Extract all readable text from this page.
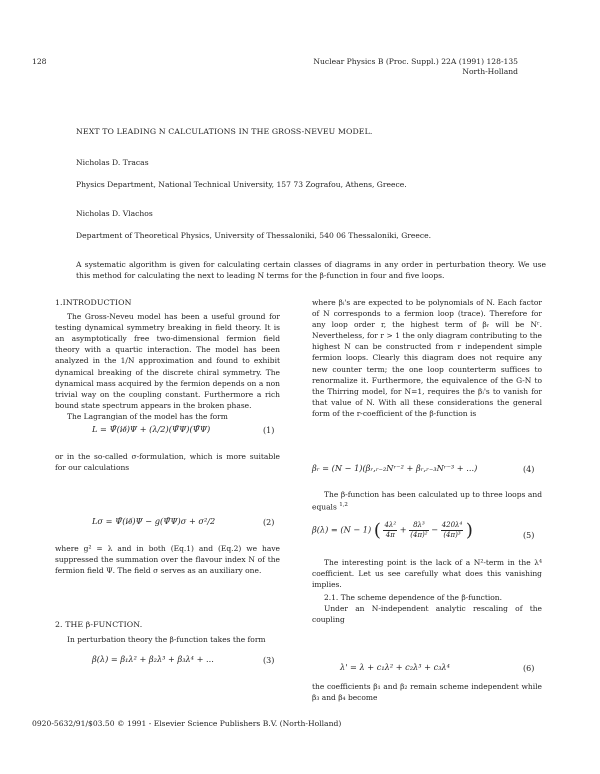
128	Nuclear Physics B (Proc. Suppl.) 22A (1991) 128-135
North-Holland
NEXT TO LEADING N CALCULATIONS IN THE GROSS-NEVEU MODEL.
Nicholas D. Tracas
Physics Department, National Technical University, 157 73 Zografou, Athens, Greece.
Nicholas D. Vlachos
Department of Theoretical Physics, University of Thessaloniki, 540 06 Thessaloniki, Greece.
A systematic algorithm is given for calculating certain classes of diagrams in any order in perturbation theory. We use this method for calculating the next to leading N terms for the β-function in four and five loops.
1.INTRODUCTION

The Gross-Neveu model has been a useful ground for testing dynamical symmetry breaking in field theory. It is an asymptotically free two-dimensional fermion field theory with a quartic interaction. The model has been analyzed in the 1/N approximation and found to exhibit dynamical breaking of the discrete chiral symmetry. The dynamical mass acquired by the fermion depends on a non trivial way on the coupling constant. Furthermore a rich bound state spectrum appears in the broken phase.

The Lagrangian of the model has the form

L = Ψ̄(i∂̸)Ψ + (λ/2)(Ψ̄Ψ)(Ψ̄Ψ)	(1)

or in the so-called σ-formulation, which is more suitable for our calculations

Lσ = Ψ̄(i∂̸)Ψ − g(Ψ̄Ψ)σ + σ²/2	(2)

where g² = λ and in both (Eq.1) and (Eq.2) we have suppressed the summation over the flavour index N of the fermion field Ψ. The field σ serves as an auxiliary one.

2. THE β-FUNCTION.

In perturbation theory the β-function takes the form

β(λ) = β₁λ² + β₂λ³ + β₃λ⁴ + ...	(3)

where βᵢ's are expected to be polynomials of N. Each factor of N corresponds to a fermion loop (trace). Therefore for any loop order r, the highest term of βᵣ will be Nʳ. Nevertheless, for r > 1 the only diagram contributing to the highest N can be constructed from r independent simple fermion loops. Clearly this diagram does not require any new counter term; the one loop counterterm suffices to renormalize it. Furthermore, the equivalence of the G-N to the Thirring model, for N=1, requires the βᵢ's to vanish for that value of N. With all these considerations the general form of the r-coefficient of the β-function is

βᵣ = (N − 1)(βᵣ,ᵣ₋₂Nʳ⁻² + βᵣ,ᵣ₋₃Nʳ⁻³ + ...)	(4)

The β-function has been calculated up to three loops and equals $^{1,2}$

β(λ) = (N − 1) ( $\frac{\text{4λ²}}{4\pi} + \frac{\text{8λ³}}{\text{(4π)²}} - \frac{\text{420λ⁴}}{\text{(4π)³}}$ )	(5)

The interesting point is the lack of a N²-term in the λ⁴ coefficient. Let us see carefully what does this vanishing implies.

2.1. The scheme dependence of the β-function.

Under an N-independent analytic rescaling of the coupling

λ' = λ + c₁λ² + c₂λ³ + c₃λ⁴	(6)

the coefficients β₁ and β₂ remain scheme independent while β₃ and β₄ become

0920-5632/91/$03.50 © 1991 - Elsevier Science Publishers B.V. (North-Holland)
